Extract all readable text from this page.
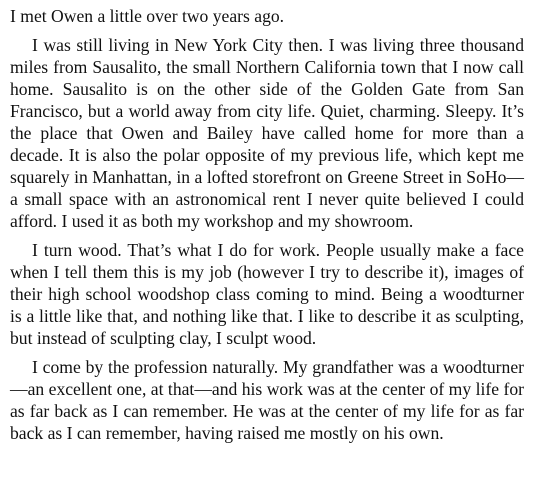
I met Owen a little over two years ago.

I was still living in New York City then. I was living three thousand miles from Sausalito, the small Northern California town that I now call home. Sausalito is on the other side of the Golden Gate from San Francisco, but a world away from city life. Quiet, charming. Sleepy. It’s the place that Owen and Bailey have called home for more than a decade. It is also the polar opposite of my previous life, which kept me squarely in Manhattan, in a lofted storefront on Greene Street in SoHo—a small space with an astronomical rent I never quite believed I could afford. I used it as both my workshop and my showroom.

I turn wood. That’s what I do for work. People usually make a face when I tell them this is my job (however I try to describe it), images of their high school woodshop class coming to mind. Being a woodturner is a little like that, and nothing like that. I like to describe it as sculpting, but instead of sculpting clay, I sculpt wood.

I come by the profession naturally. My grandfather was a woodturner—an excellent one, at that—and his work was at the center of my life for as far back as I can remember. He was at the center of my life for as far back as I can remember, having raised me mostly on his own.
